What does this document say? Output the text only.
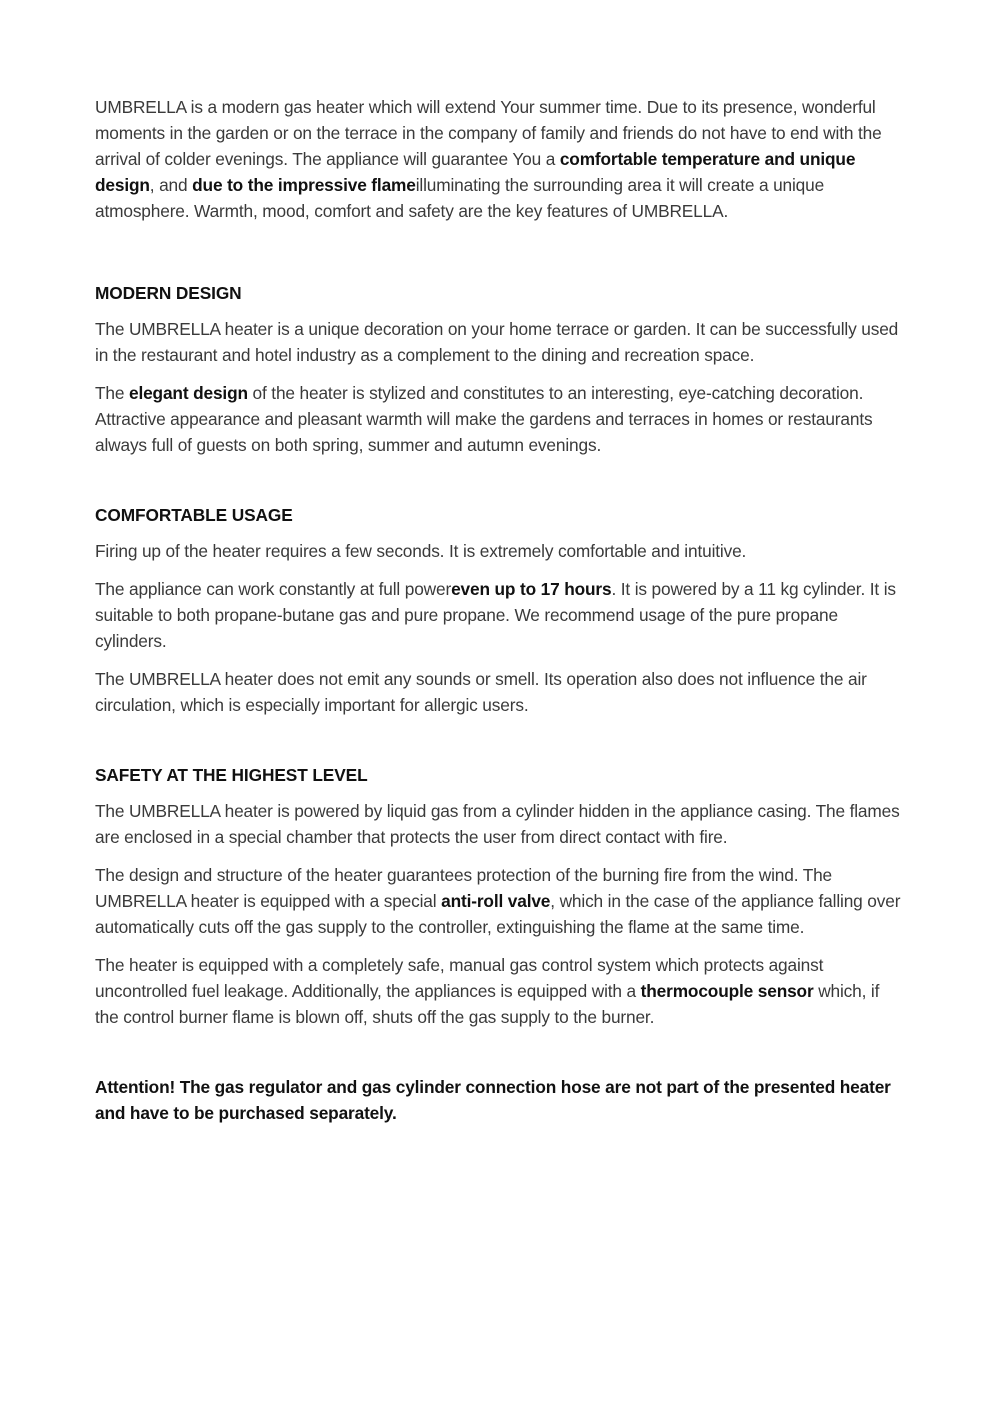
UMBRELLA is a modern gas heater which will extend Your summer time. Due to its presence, wonderful moments in the garden or on the terrace in the company of family and friends do not have to end with the arrival of colder evenings. The appliance will guarantee You a comfortable temperature and unique design, and due to the impressive flameilluminating the surrounding area it will create a unique atmosphere. Warmth, mood, comfort and safety are the key features of UMBRELLA.

MODERN DESIGN

The UMBRELLA heater is a unique decoration on your home terrace or garden. It can be successfully used in the restaurant and hotel industry as a complement to the dining and recreation space.

The elegant design of the heater is stylized and constitutes to an interesting, eye-catching decoration. Attractive appearance and pleasant warmth will make the gardens and terraces in homes or restaurants always full of guests on both spring, summer and autumn evenings.

COMFORTABLE USAGE

Firing up of the heater requires a few seconds. It is extremely comfortable and intuitive.

The appliance can work constantly at full powereven up to 17 hours. It is powered by a 11 kg cylinder. It is suitable to both propane-butane gas and pure propane. We recommend usage of the pure propane cylinders.

The UMBRELLA heater does not emit any sounds or smell. Its operation also does not influence the air circulation, which is especially important for allergic users.

SAFETY AT THE HIGHEST LEVEL

The UMBRELLA heater is powered by liquid gas from a cylinder hidden in the appliance casing. The flames are enclosed in a special chamber that protects the user from direct contact with fire.

The design and structure of the heater guarantees protection of the burning fire from the wind. The UMBRELLA heater is equipped with a special anti-roll valve, which in the case of the appliance falling over automatically cuts off the gas supply to the controller, extinguishing the flame at the same time.

The heater is equipped with a completely safe, manual gas control system which protects against uncontrolled fuel leakage. Additionally, the appliances is equipped with a thermocouple sensor which, if the control burner flame is blown off, shuts off the gas supply to the burner.

Attention! The gas regulator and gas cylinder connection hose are not part of the presented heater and have to be purchased separately.
